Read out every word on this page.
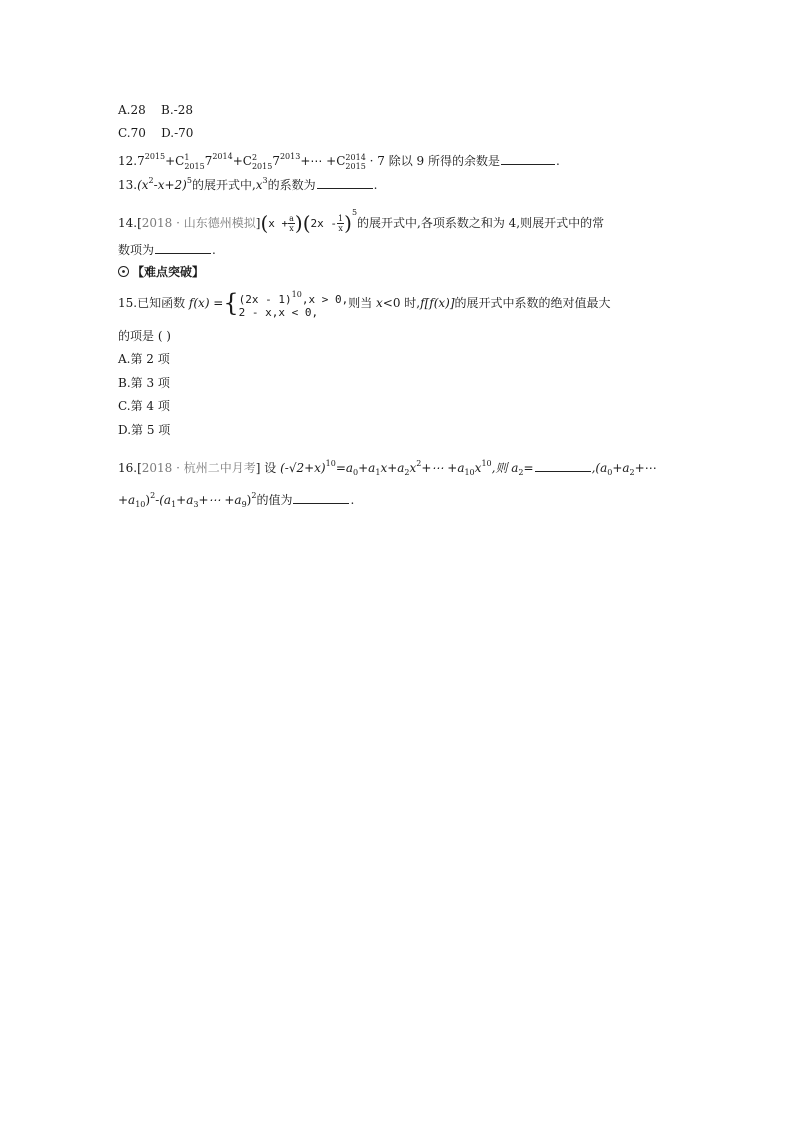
A.28 B.-28
C.70 D.-70
$12.7^{2015}+C1$
$20157^{2014}+C2$
$20157^{2013}+\cdots +C2014$
2015 · 7 除以 9 所得的余数是	.
$13.(x^2-x+2)^5$的展开式中$,x^3$的系数为	.
14.[2018 · 山东德州模拟]$(x + \frac{a}{x} )(2x - \frac{1}{x} )^5$的展开式中,各项系数之和为 4,则展开式中的常
数项为	.
【难点突破】
15.已知函数 f(x) ={(2x - 1)$^{10}$,x > 0,
2 - x,x < 0,则当 x<0 时,f[f(x)]的展开式中系数的绝对值最大
的项是 ( )
A.第 2 项
B.第 3 项
C.第 4 项
D.第 5 项
16.[2018 · 杭州二中月考] 设 $(-√2+x)^{10}=a_0+a_1x+a_2x^2+\cdots +a_{10}x^{10}$,则 $a_2=$	$,(a_0+a_2+\cdots$
$+a_{10})^2-(a_1+a_3+\cdots +a_9)^2$的值为	.
